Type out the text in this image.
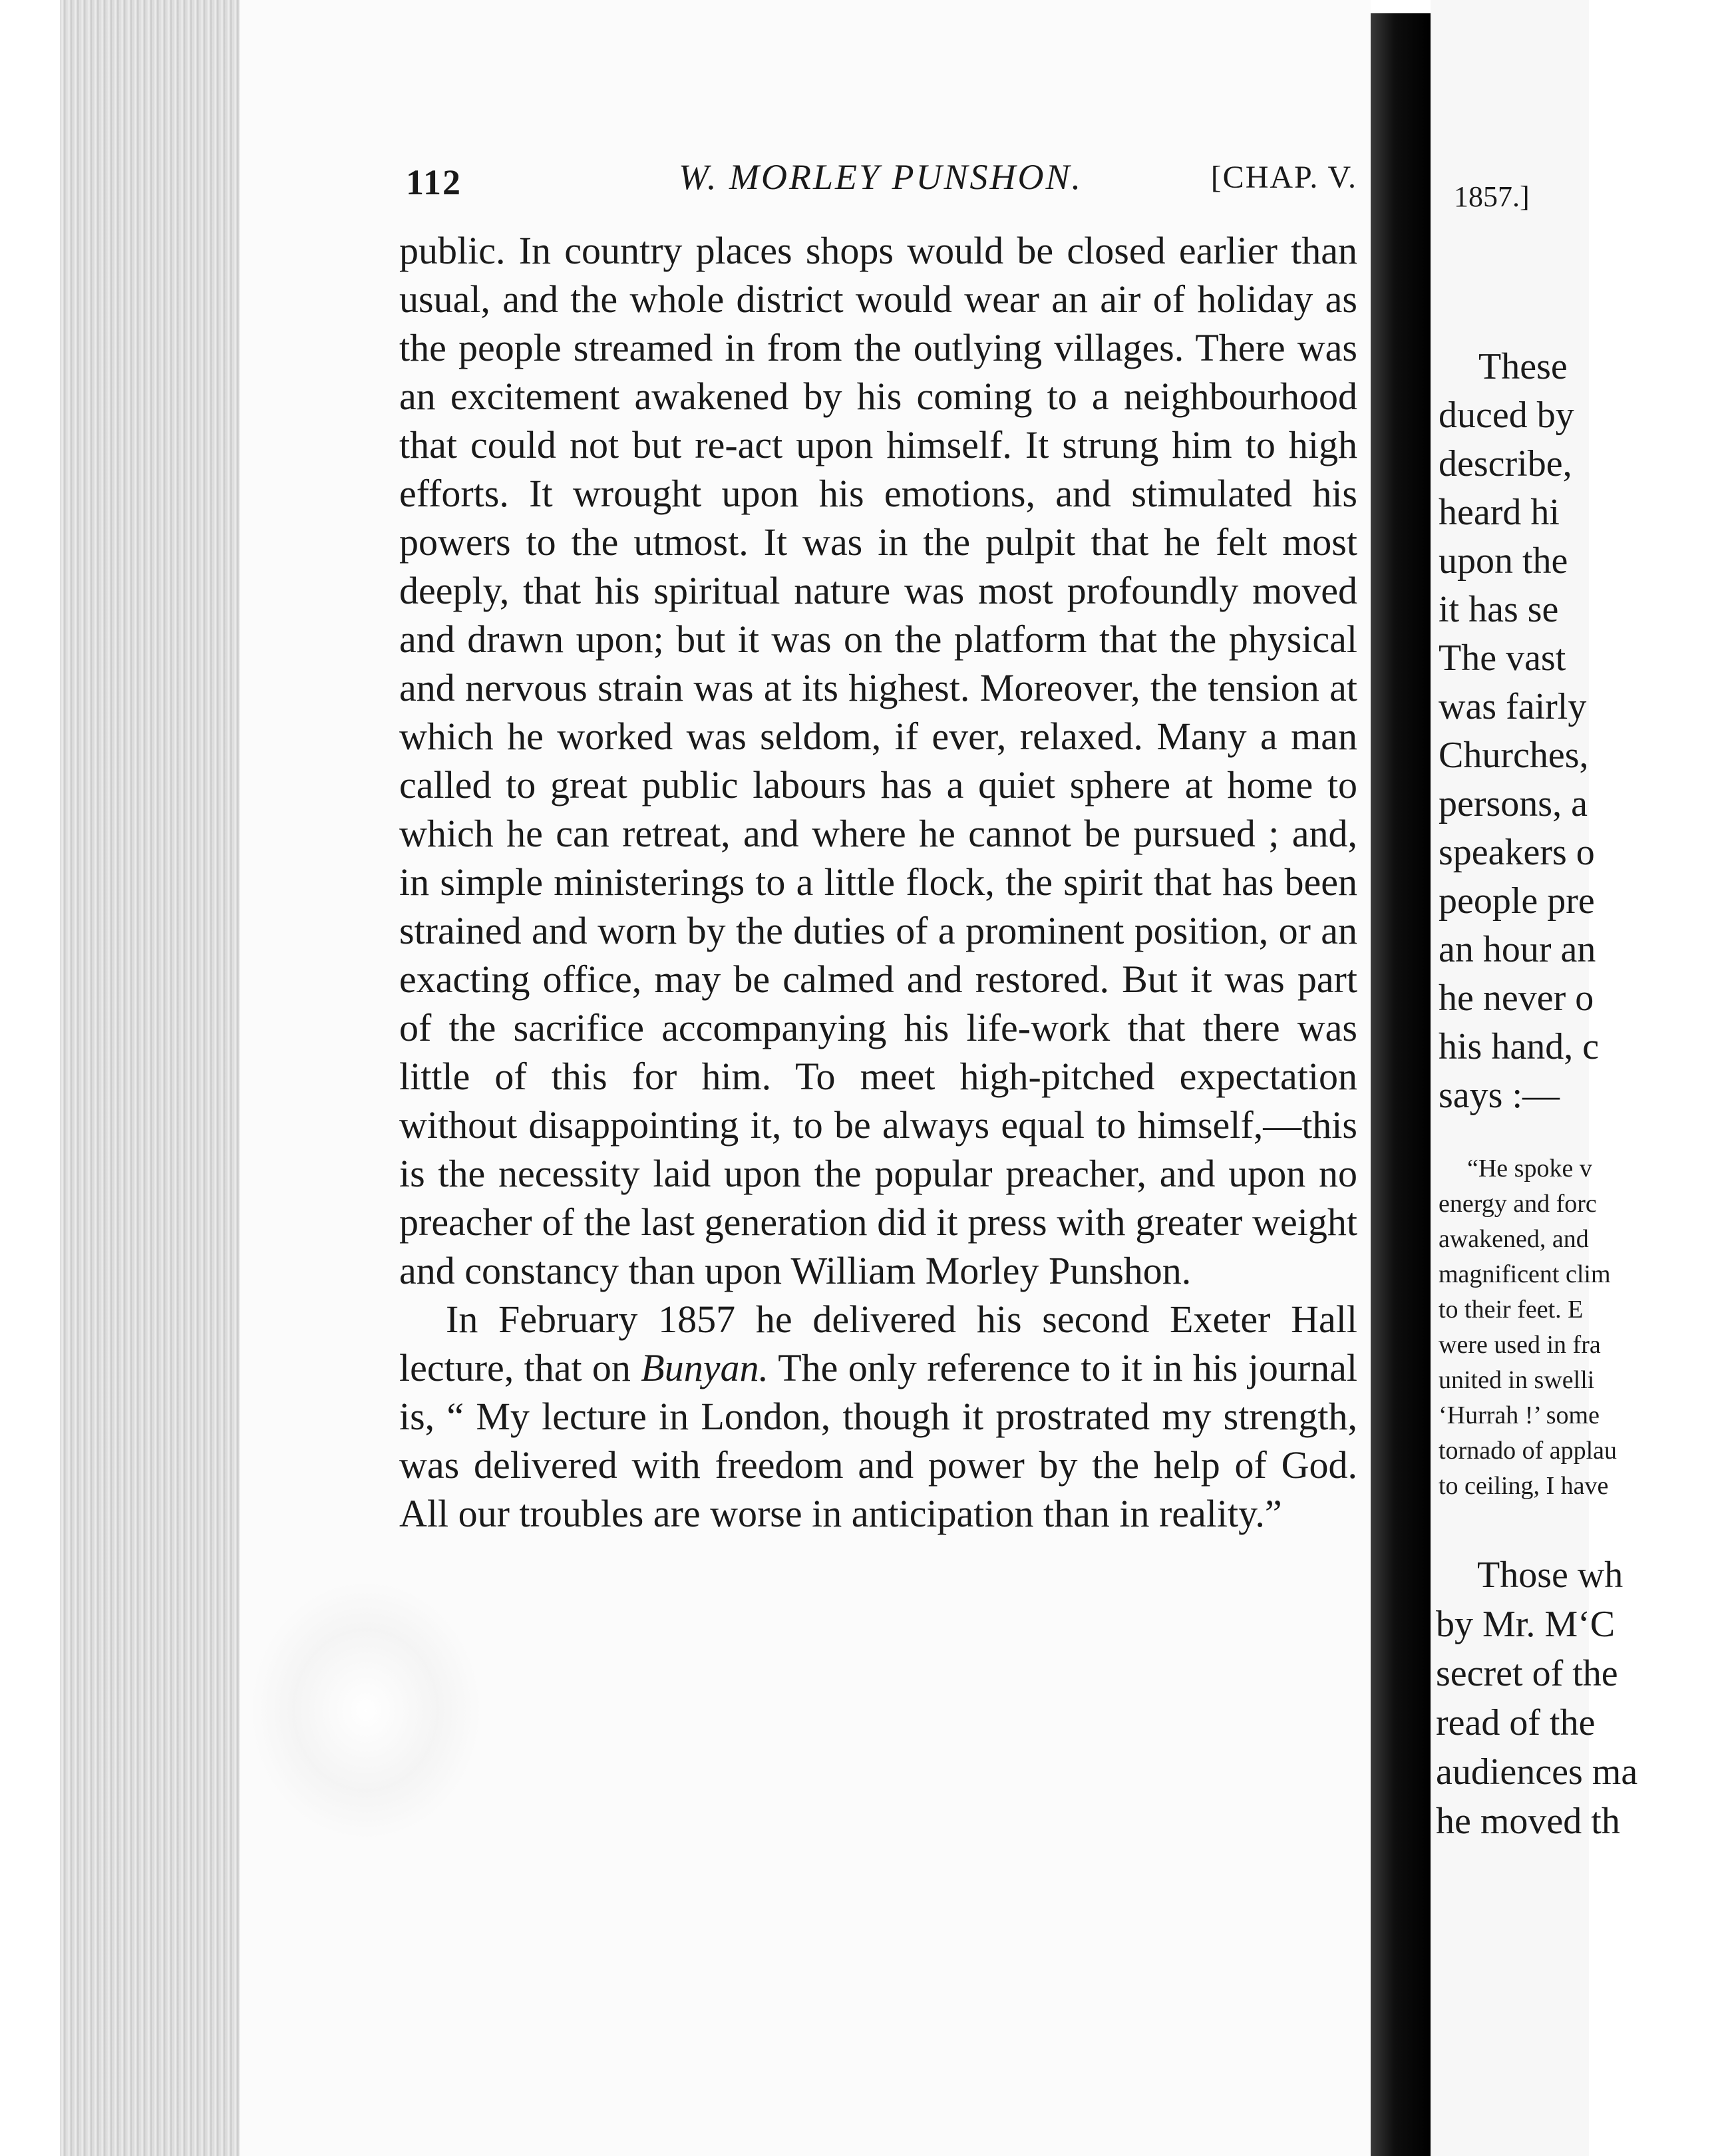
112	W. MORLEY PUNSHON.	[CHAP. V.

public. In country places shops would be closed earlier than usual, and the whole district would wear an air of holiday as the people streamed in from the outlying villages. There was an excitement awakened by his coming to a neighbourhood that could not but re-act upon himself. It strung him to high efforts. It wrought upon his emotions, and stimulated his powers to the utmost. It was in the pulpit that he felt most deeply, that his spiritual nature was most profoundly moved and drawn upon; but it was on the platform that the physical and nervous strain was at its highest. Moreover, the tension at which he worked was seldom, if ever, relaxed. Many a man called to great public labours has a quiet sphere at home to which he can retreat, and where he cannot be pursued ; and, in simple ministerings to a little flock, the spirit that has been strained and worn by the duties of a prominent position, or an exacting office, may be calmed and restored. But it was part of the sacrifice accompanying his life-work that there was little of this for him. To meet high-pitched expectation without disappointing it, to be always equal to himself,—this is the necessity laid upon the popular preacher, and upon no preacher of the last generation did it press with greater weight and constancy than upon William Morley Punshon.

In February 1857 he delivered his second Exeter Hall lecture, that on Bunyan. The only reference to it in his journal is, “ My lecture in London, though it prostrated my strength, was delivered with freedom and power by the help of God. All our troubles are worse in anticipation than in reality.”

1857.]
These
duced by
describe,
heard hi
upon the
it has se
The vast
was fairly
Churches,
persons, a
speakers o
people pre
an hour an
he never o
his hand, c
says :—
“He spoke v
energy and forc
awakened, and
magnificent clim
to their feet. E
were used in fra
united in swelli
‘Hurrah !’ some
tornado of applau
to ceiling, I have
Those wh
by Mr. M‘C
secret of the
read of the
audiences ma
he moved th
